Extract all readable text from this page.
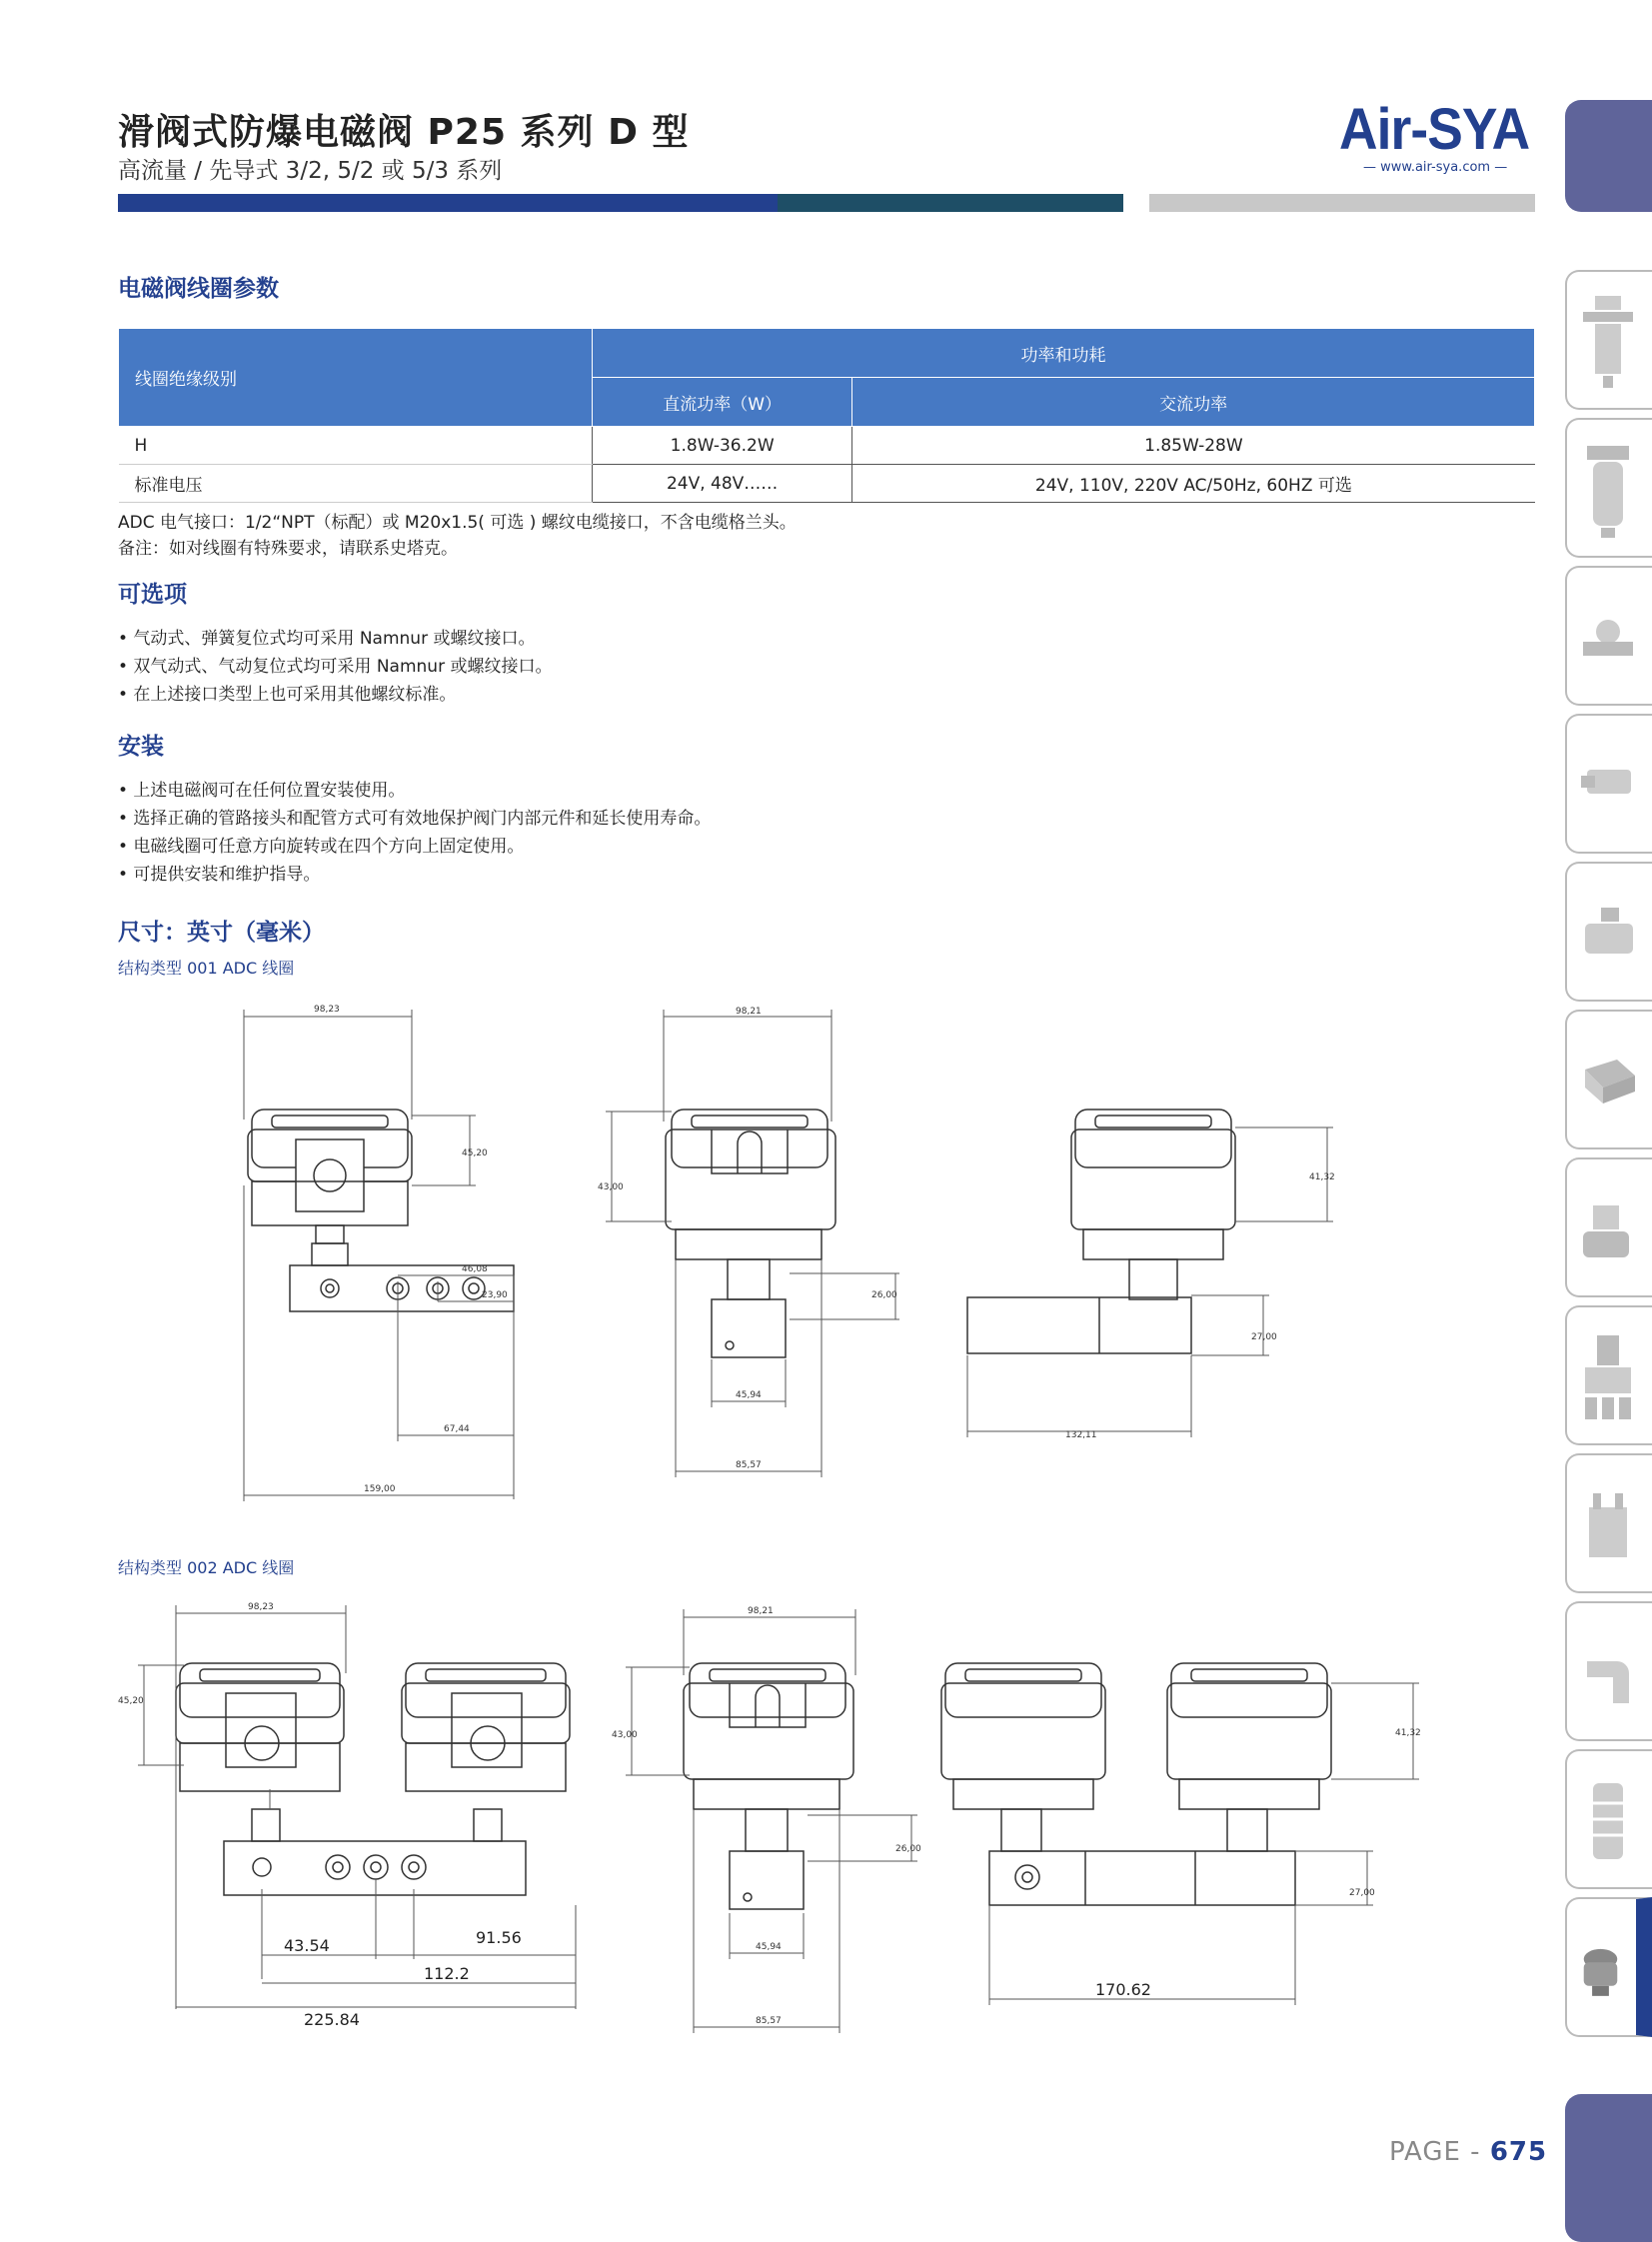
滑阀式防爆电磁阀 P25 系列 D 型
高流量 / 先导式 3/2, 5/2 或 5/3 系列
Air-SYA
— www.air-sya.com —
电磁阀线圈参数
线圈绝缘级别	功率和功耗	
	直流功率（W）	交流功率
H	1.8W-36.2W	1.85W-28W
标准电压	24V, 48V……	24V, 110V, 220V AC/50Hz, 60HZ 可选
ADC 电气接口：1/2“NPT（标配）或 M20x1.5( 可选 ) 螺纹电缆接口，不含电缆格兰头。
备注：如对线圈有特殊要求，请联系史塔克。
可选项
• 气动式、弹簧复位式均可采用 Namnur 或螺纹接口。
• 双气动式、气动复位式均可采用 Namnur 或螺纹接口。
• 在上述接口类型上也可采用其他螺纹标准。
安装
• 上述电磁阀可在任何位置安装使用。
• 选择正确的管路接头和配管方式可有效地保护阀门内部元件和延长使用寿命。
• 电磁线圈可任意方向旋转或在四个方向上固定使用。
• 可提供安装和维护指导。
尺寸：英寸（毫米）
结构类型 001 ADC 线圈
98,23
45,20
46,08
23,90
67,44
159,00
98,21
43,00
26,00
45,94
85,57
41,32
27,00
132,11
结构类型 002 ADC 线圈
98,23
45,20
98,21
43,00
26,00
45,94
85,57
41,32
27,00
43.54	91.56
112.2
225.84
170.62
PAGE - 675
